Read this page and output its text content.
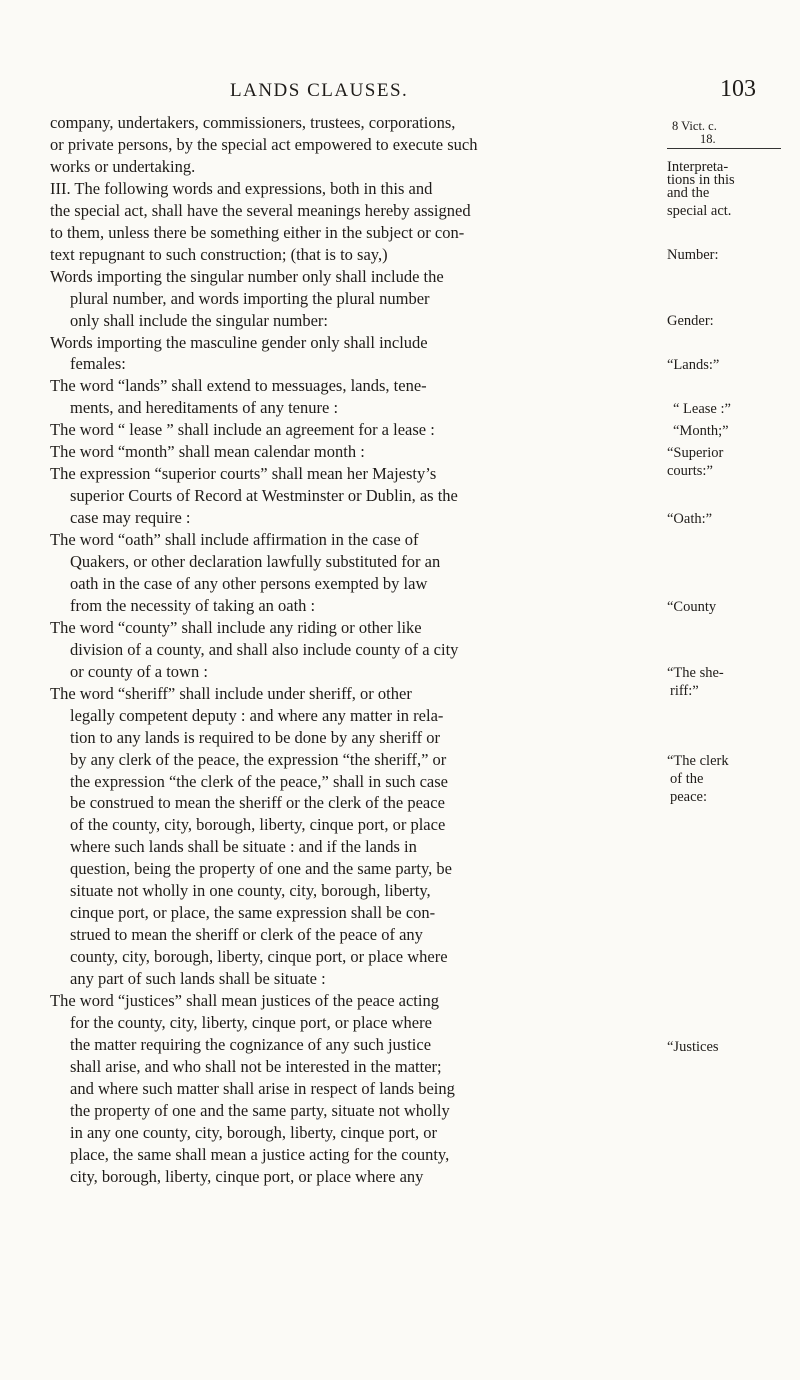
LANDS CLAUSES.	103
company, undertakers, commissioners, trustees, corporations,
or private persons, by the special act empowered to execute such
works or undertaking.
III. The following words and expressions, both in this and
the special act, shall have the several meanings hereby assigned
to them, unless there be something either in the subject or con-
text repugnant to such construction; (that is to say,)
Words importing the singular number only shall include the
plural number, and words importing the plural number
only shall include the singular number:
Words importing the masculine gender only shall include
females:
The word “lands” shall extend to messuages, lands, tene-
ments, and hereditaments of any tenure :
The word “ lease ” shall include an agreement for a lease :
The word “month” shall mean calendar month :
The expression “superior courts” shall mean her Majesty’s
superior Courts of Record at Westminster or Dublin, as the
case may require :
The word “oath” shall include affirmation in the case of
Quakers, or other declaration lawfully substituted for an
oath in the case of any other persons exempted by law
from the necessity of taking an oath :
The word “county” shall include any riding or other like
division of a county, and shall also include county of a city
or county of a town :
The word “sheriff” shall include under sheriff, or other
legally competent deputy : and where any matter in rela-
tion to any lands is required to be done by any sheriff or
by any clerk of the peace, the expression “the sheriff,” or
the expression “the clerk of the peace,” shall in such case
be construed to mean the sheriff or the clerk of the peace
of the county, city, borough, liberty, cinque port, or place
where such lands shall be situate : and if the lands in
question, being the property of one and the same party, be
situate not wholly in one county, city, borough, liberty,
cinque port, or place, the same expression shall be con-
strued to mean the sheriff or clerk of the peace of any
county, city, borough, liberty, cinque port, or place where
any part of such lands shall be situate :
The word “justices” shall mean justices of the peace acting
for the county, city, liberty, cinque port, or place where
the matter requiring the cognizance of any such justice
shall arise, and who shall not be interested in the matter;
and where such matter shall arise in respect of lands being
the property of one and the same party, situate not wholly
in any one county, city, borough, liberty, cinque port, or
place, the same shall mean a justice acting for the county,
city, borough, liberty, cinque port, or place where any
8 Vict. c.
18.
Interpreta-
tions in this
and the
special act.
Number:
Gender:
“Lands:”
“ Lease :”
“Month;”
“Superior
courts:”
“Oath:”
“County
“The she-
riff:”
“The clerk
of the
peace:
“Justices
